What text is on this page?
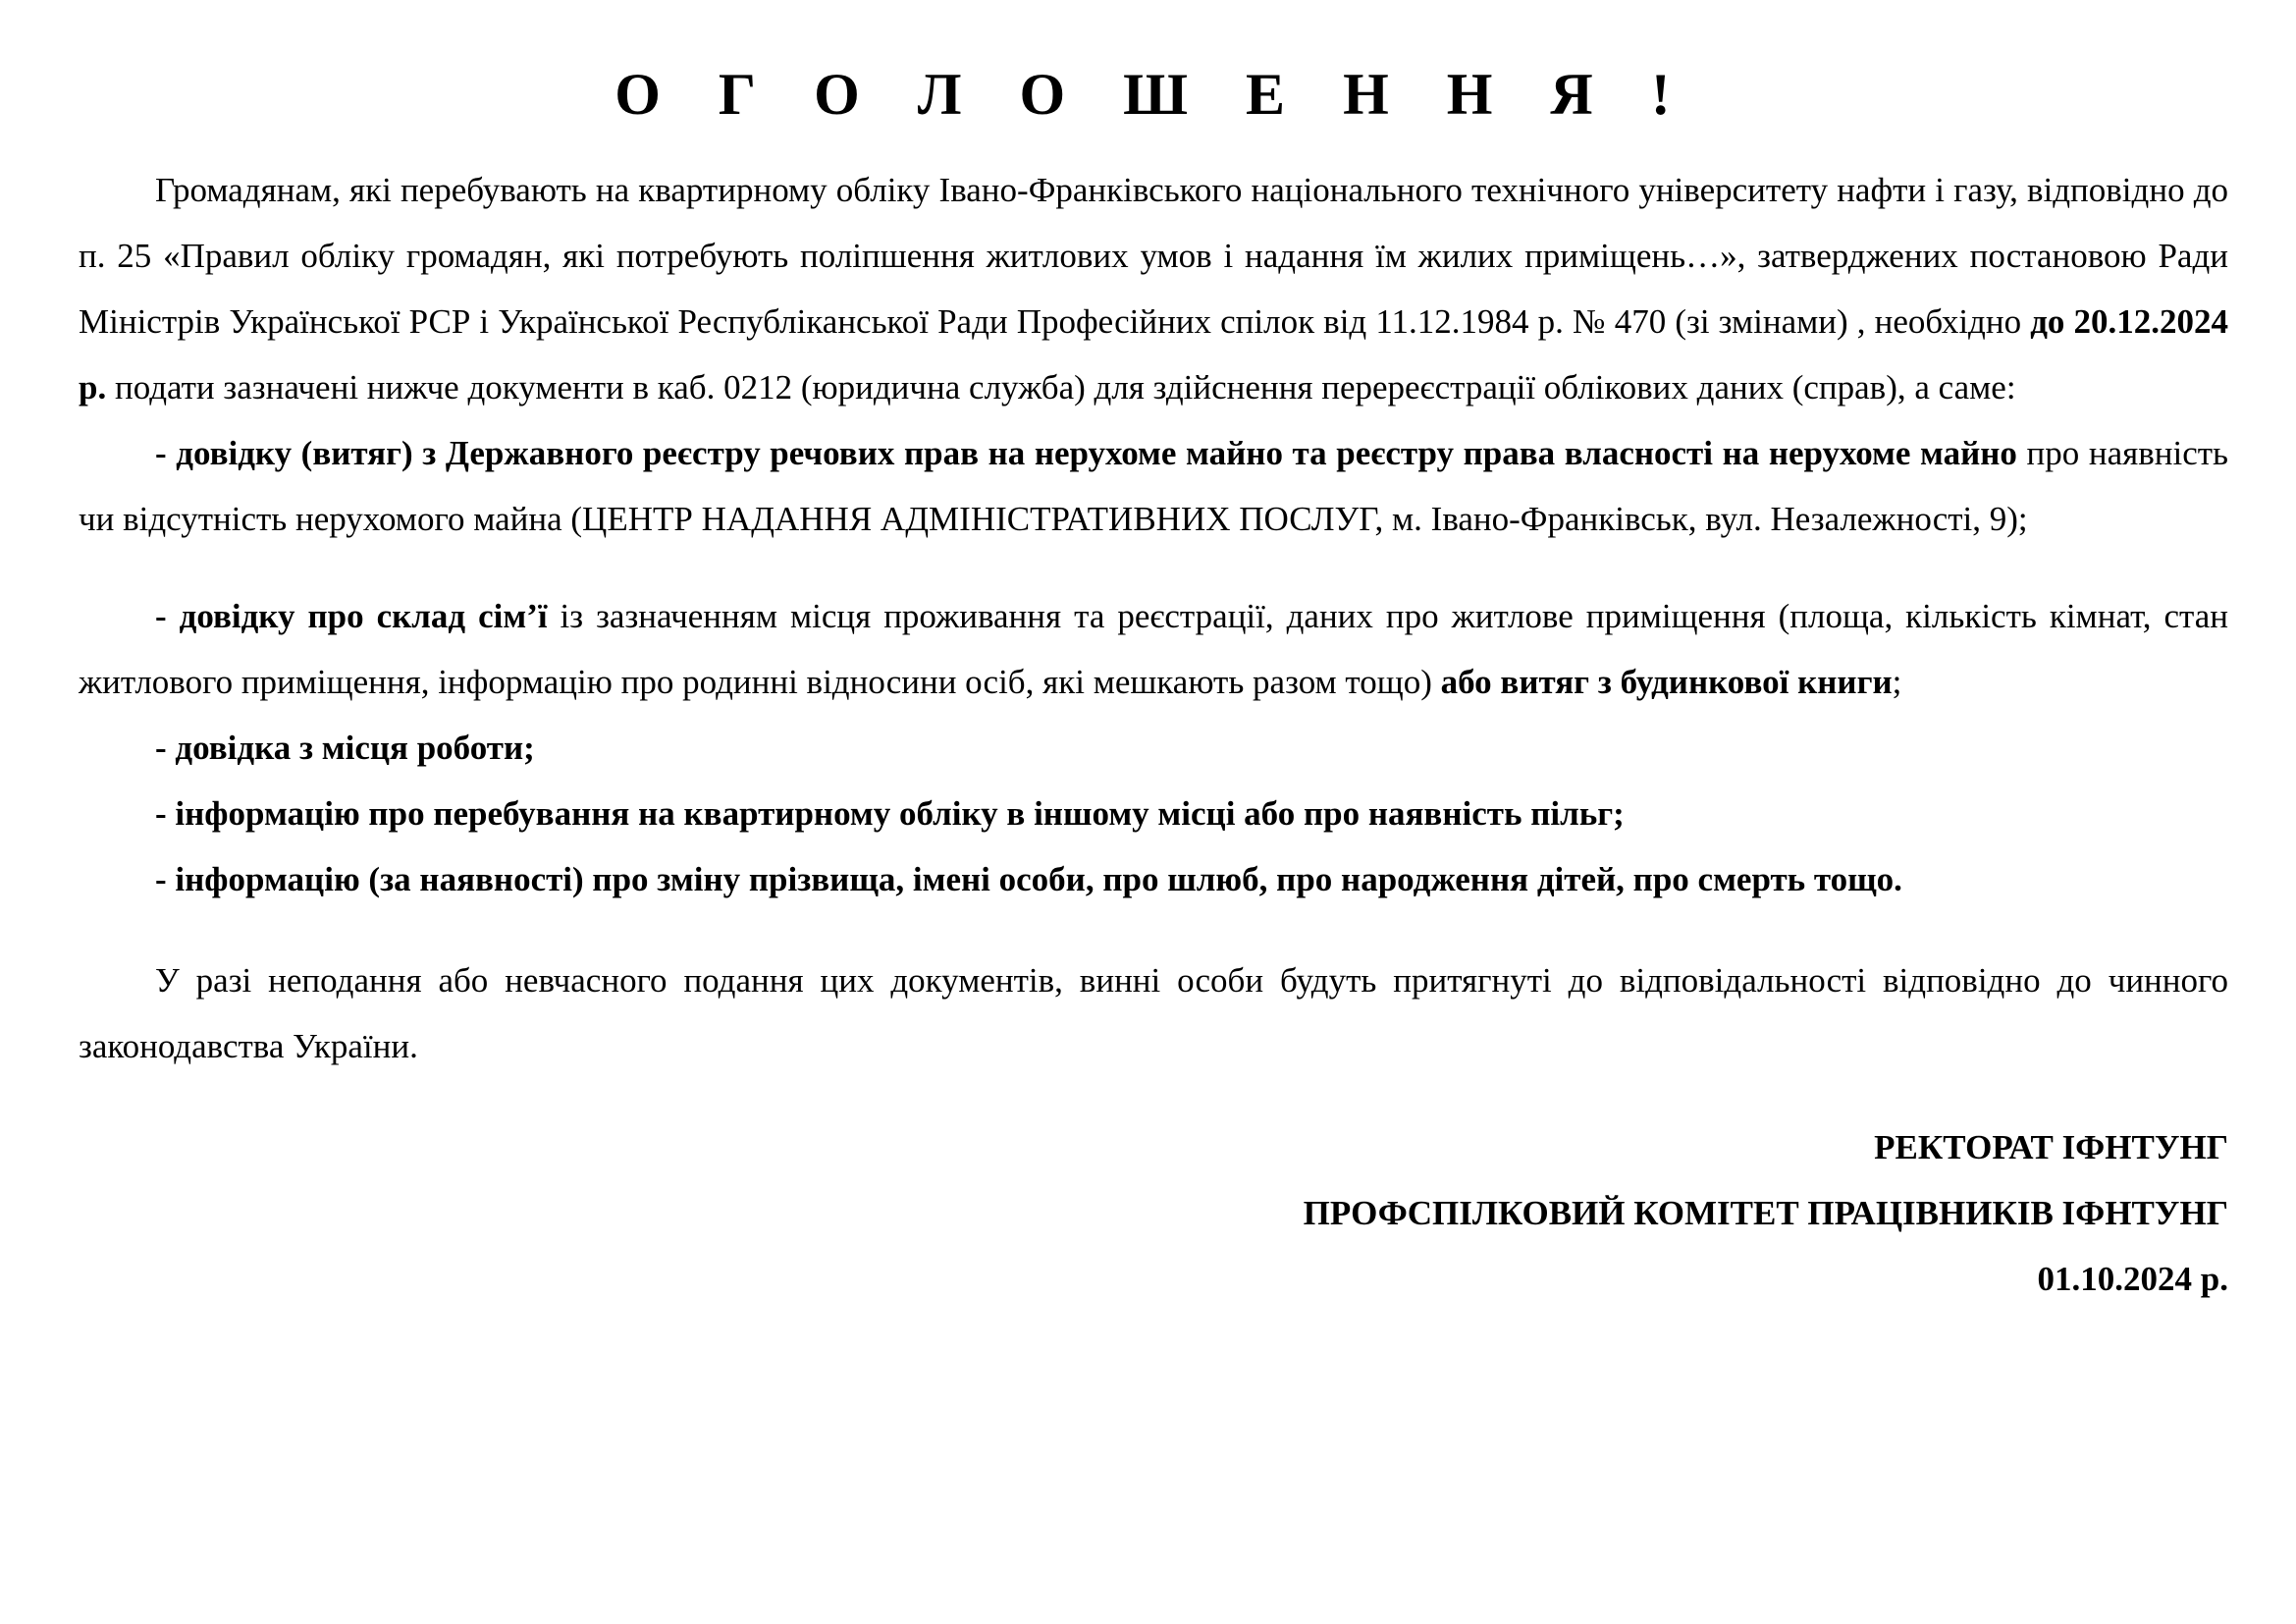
О Г О Л О Ш Е Н Н Я !

Громадянам, які перебувають на квартирному обліку Івано-Франківського національного технічного університету нафти і газу, відповідно до п. 25 «Правил обліку громадян, які потребують поліпшення житлових умов і надання їм жилих приміщень…», затверджених постановою Ради Міністрів Української РСР і Української Республіканської Ради Професійних спілок від 11.12.1984 р. № 470 (зі змінами) , необхідно до 20.12.2024 р. подати зазначені нижче документи в каб. 0212 (юридична служба) для здійснення перереєстрації облікових даних (справ), а саме:

- довідку (витяг) з Державного реєстру речових прав на нерухоме майно та реєстру права власності на нерухоме майно про наявність чи відсутність нерухомого майна (ЦЕНТР НАДАННЯ АДМІНІСТРАТИВНИХ ПОСЛУГ, м. Івано-Франківськ, вул. Незалежності, 9);

- довідку про склад сім’ї із зазначенням місця проживання та реєстрації, даних про житлове приміщення (площа, кількість кімнат, стан житлового приміщення, інформацію про родинні відносини осіб, які мешкають разом тощо) або витяг з будинкової книги;

- довідка з місця роботи;

- інформацію про перебування на квартирному обліку в іншому місці або про наявність пільг;

- інформацію (за наявності) про зміну прізвища, імені особи, про шлюб, про народження дітей, про смерть тощо.

У разі неподання або невчасного подання цих документів, винні особи будуть притягнуті до відповідальності відповідно до чинного законодавства України.

РЕКТОРАТ ІФНТУНГ
ПРОФСПІЛКОВИЙ КОМІТЕТ ПРАЦІВНИКІВ ІФНТУНГ
01.10.2024 р.
